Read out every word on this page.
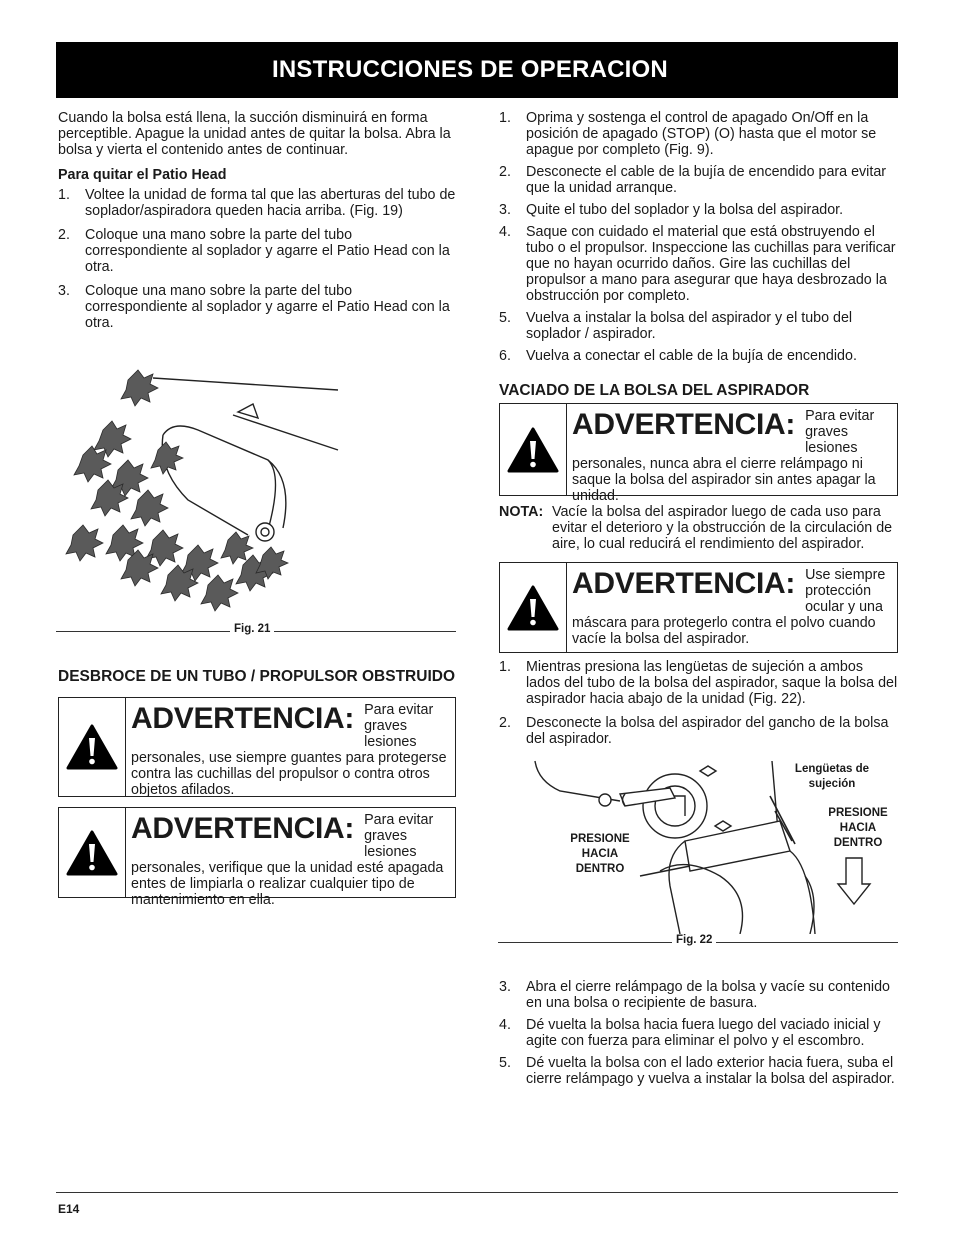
INSTRUCCIONES DE OPERACION

Cuando la bolsa está llena, la succión disminuirá en forma perceptible. Apague la unidad antes de quitar la bolsa. Abra la bolsa y vierta el contenido antes de continuar.

Para quitar el Patio Head

1. Voltee la unidad de forma tal que las aberturas del tubo de soplador/aspiradora queden hacia arriba. (Fig. 19)
2. Coloque una mano sobre la parte del tubo correspondiente al soplador y agarre el Patio Head con la otra.
3. Coloque una mano sobre la parte del tubo correspondiente al soplador y agarre el Patio Head con la otra.
Fig. 21

DESBROCE DE UN TUBO / PROPULSOR OBSTRUIDO

ADVERTENCIA: Para evitar graves lesiones personales, use siempre guantes para protegerse contra las cuchillas del propulsor o contra otros objetos afilados.
ADVERTENCIA: Para evitar graves lesiones personales, verifique que la unidad esté apagada entes de limpiarla o realizar cualquier tipo de mantenimiento en ella.
1. Oprima y sostenga el control de apagado On/Off en la posición de apagado (STOP) (O) hasta que el motor se apague por completo (Fig. 9).
2. Desconecte el cable de la bujía de encendido para evitar que la unidad arranque.
3. Quite el tubo del soplador y la bolsa del aspirador.
4. Saque con cuidado el material que está obstruyendo el tubo o el propulsor. Inspeccione las cuchillas para verificar que no hayan ocurrido daños. Gire las cuchillas del propulsor a mano para asegurar que haya desbrozado la obstrucción por completo.
5. Vuelva a instalar la bolsa del aspirador y el tubo del soplador / aspirador.
6. Vuelva a conectar el cable de la bujía de encendido.

VACIADO DE LA BOLSA DEL ASPIRADOR

ADVERTENCIA: Para evitar graves lesiones personales, nunca abra el cierre relámpago ni saque la bolsa del aspirador sin antes apagar la unidad.
NOTA: Vacíe la bolsa del aspirador luego de cada uso para evitar el deterioro y la obstrucción de la circulación de aire, lo cual reducirá el rendimiento del aspirador.
ADVERTENCIA: Use siempre protección ocular y una máscara para protegerlo contra el polvo cuando vacíe la bolsa del aspirador.
1. Mientras presiona las lengüetas de sujeción a ambos lados del tubo de la bolsa del aspirador, saque la bolsa del aspirador hacia abajo de la unidad (Fig. 22).
2. Desconecte la bolsa del aspirador del gancho de la bolsa del aspirador.
Lengüetas de sujeción
PRESIONE HACIA DENTRO
PRESIONE HACIA DENTRO
Fig. 22
3. Abra el cierre relámpago de la bolsa y vacíe su contenido en una bolsa o recipiente de basura.
4. Dé vuelta la bolsa hacia fuera luego del vaciado inicial y agite con fuerza para eliminar el polvo y el escombro.
5. Dé vuelta la bolsa con el lado exterior hacia fuera, suba el cierre relámpago y vuelva a instalar la bolsa del aspirador.
E14
